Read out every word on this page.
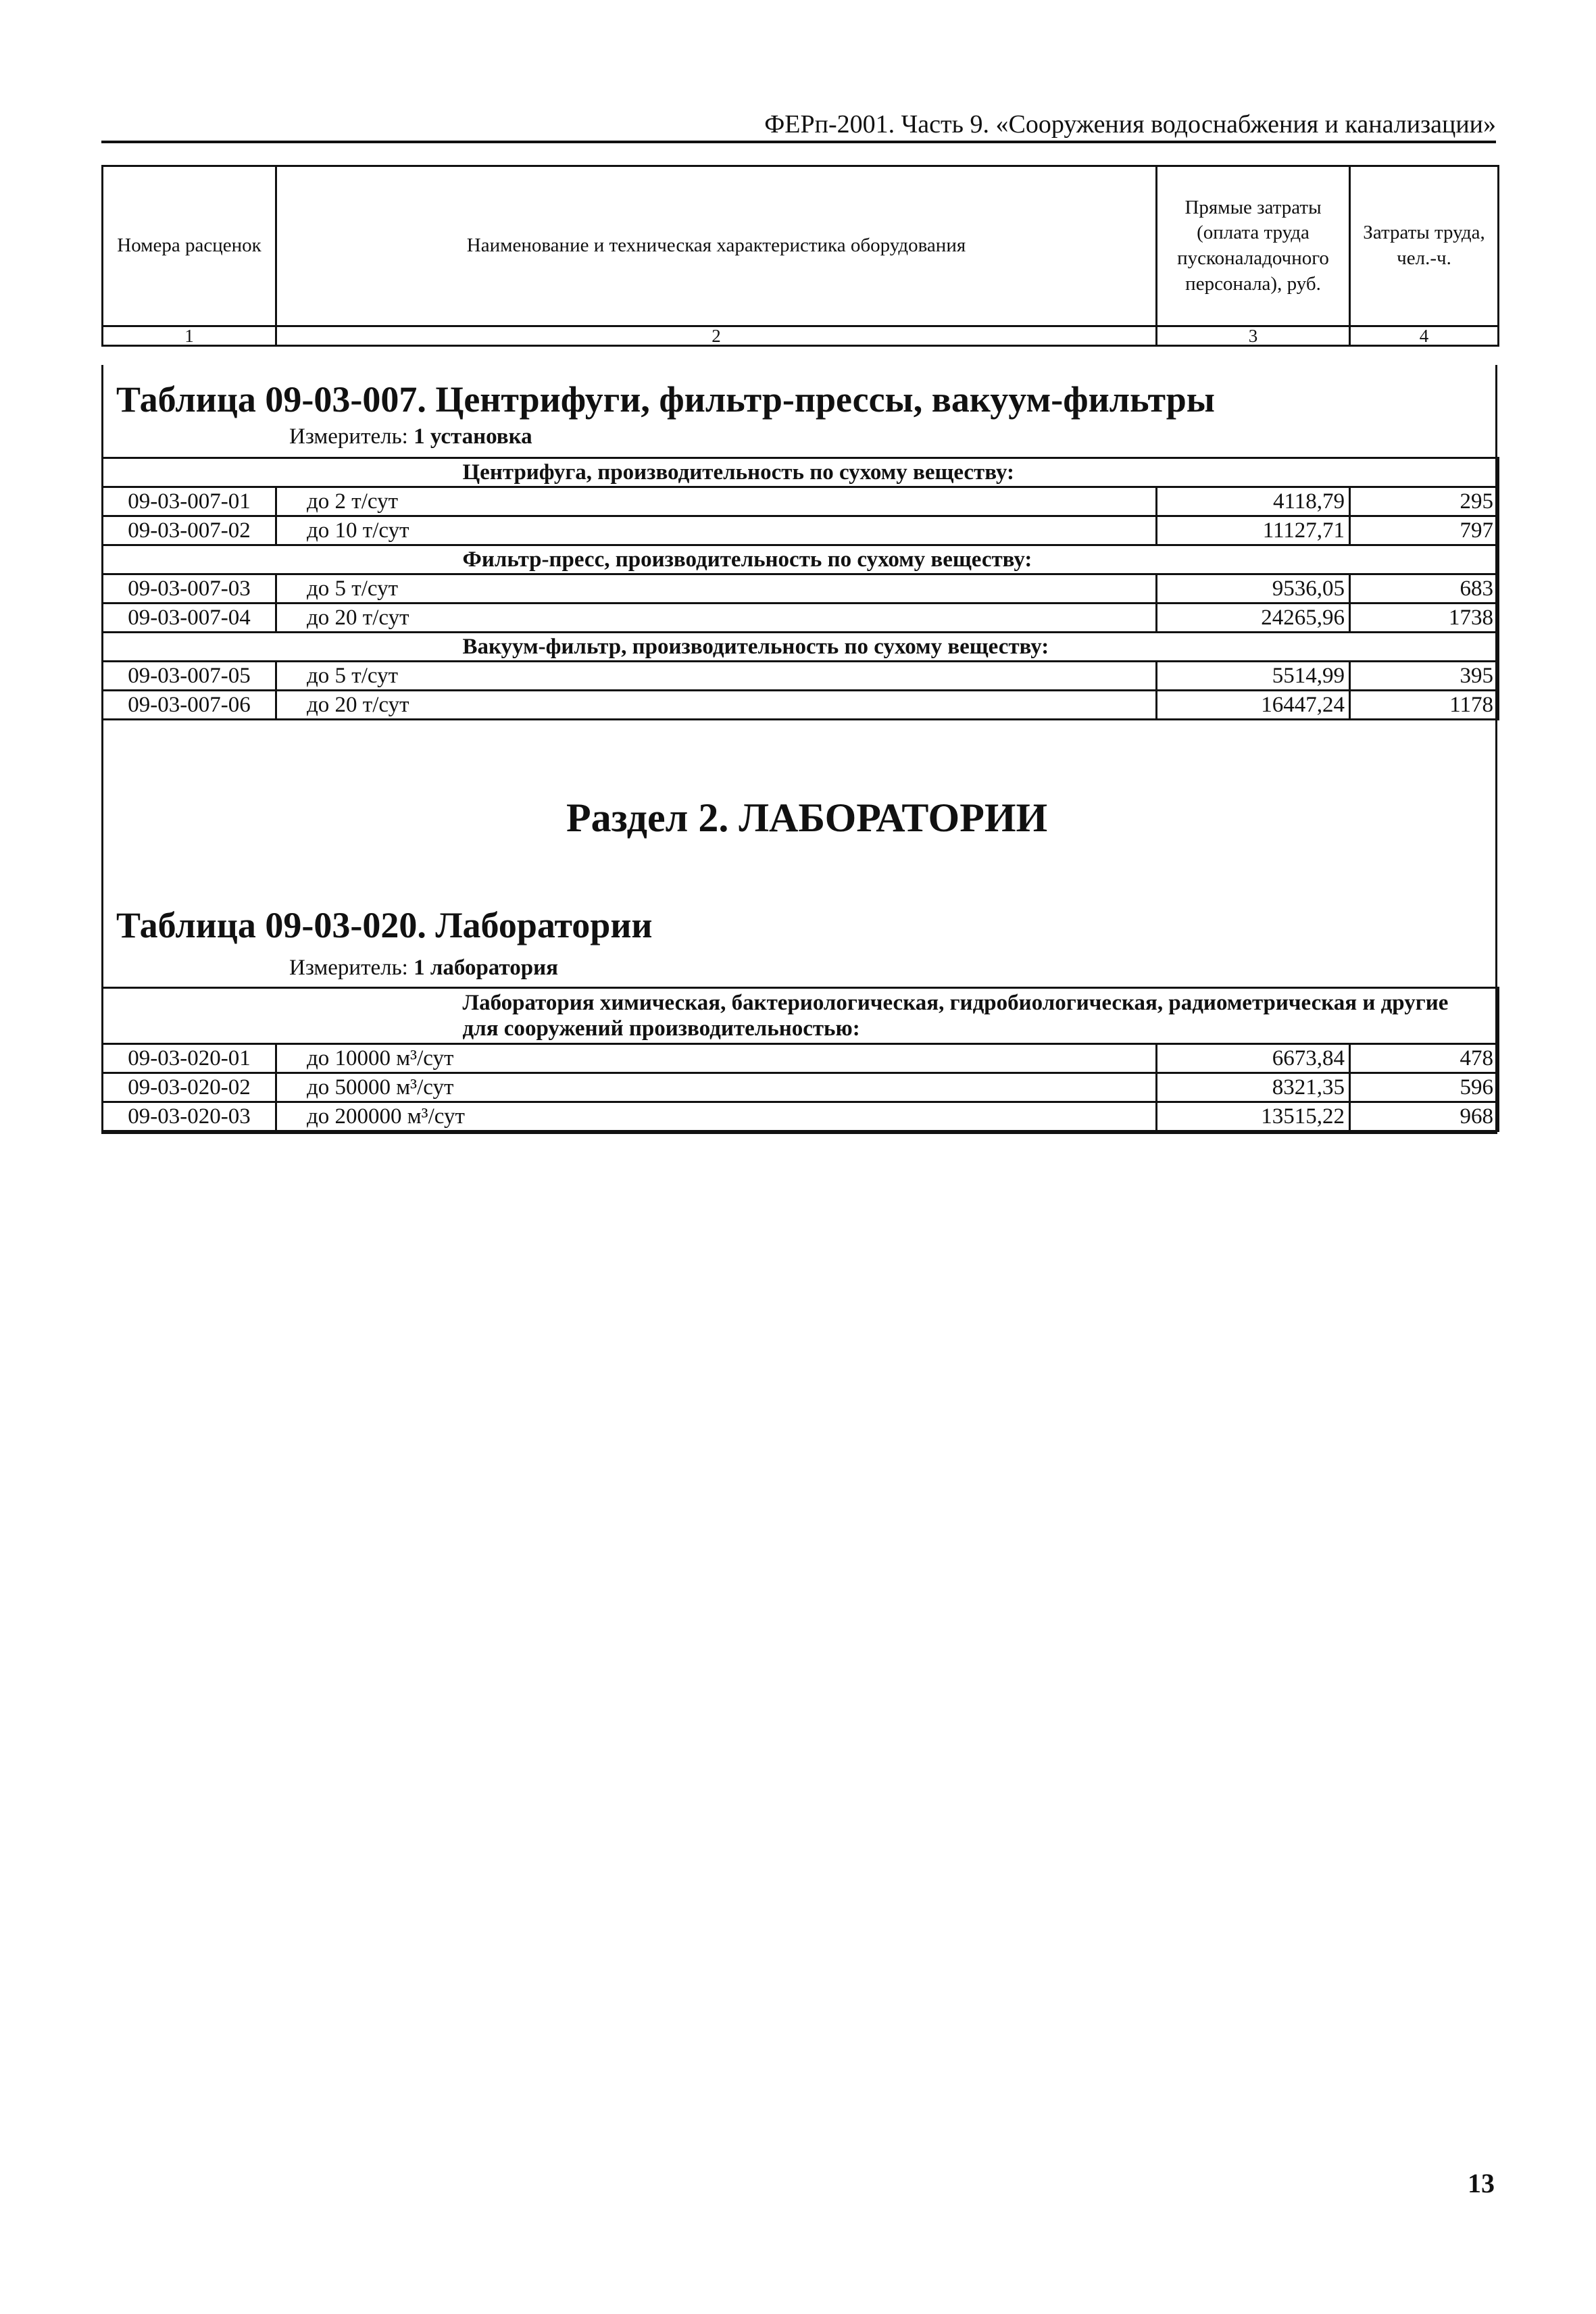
ФЕРп-2001. Часть 9. «Сооружения водоснабжения и канализации»
Номера расценок	Наименование и техническая характеристика оборудования	Прямые затраты (оплата труда пусконаладочного персонала), руб.	Затраты труда, чел.-ч.
1	2	3	4
Таблица 09-03-007. Центрифуги, фильтр-прессы, вакуум-фильтры
Измеритель: 1 установка
	Центрифуга, производительность по сухому веществу:		
09-03-007-01	до 2 т/сут	4118,79	295
09-03-007-02	до 10 т/сут	11127,71	797
	Фильтр-пресс, производительность по сухому веществу:		
09-03-007-03	до 5 т/сут	9536,05	683
09-03-007-04	до 20 т/сут	24265,96	1738
	Вакуум-фильтр, производительность по сухому веществу:		
09-03-007-05	до 5 т/сут	5514,99	395
09-03-007-06	до 20 т/сут	16447,24	1178
Раздел 2. ЛАБОРАТОРИИ
Таблица 09-03-020. Лаборатории
Измеритель: 1 лаборатория
	Лаборатория химическая, бактериологическая, гидробиологическая, радиометрическая и другие для сооружений производительностью:		
09-03-020-01	до 10000 м³/сут	6673,84	478
09-03-020-02	до 50000 м³/сут	8321,35	596
09-03-020-03	до 200000 м³/сут	13515,22	968
13
